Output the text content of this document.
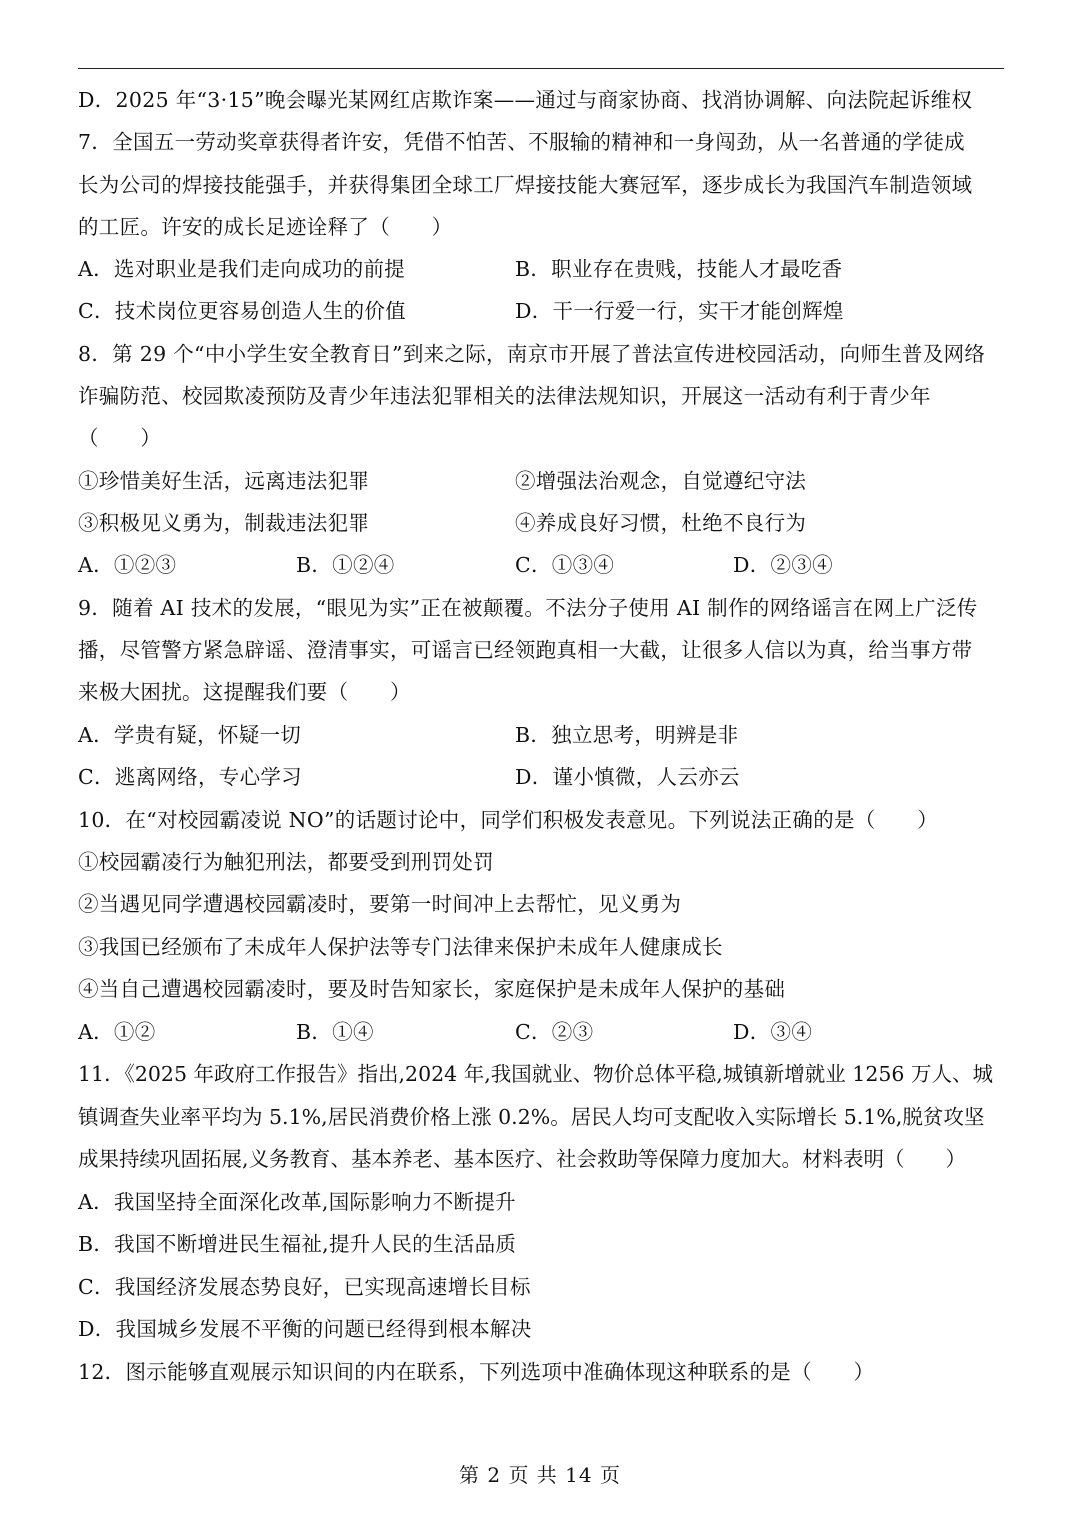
D．2025 年“3·15”晚会曝光某网红店欺诈案——通过与商家协商、找消协调解、向法院起诉维权
7．全国五一劳动奖章获得者许安，凭借不怕苦、不服输的精神和一身闯劲，从一名普通的学徒成
长为公司的焊接技能强手，并获得集团全球工厂焊接技能大赛冠军，逐步成长为我国汽车制造领域
的工匠。许安的成长足迹诠释了（　　）
A．选对职业是我们走向成功的前提	B．职业存在贵贱，技能人才最吃香
C．技术岗位更容易创造人生的价值	D．干一行爱一行，实干才能创辉煌
8．第 29 个“中小学生安全教育日”到来之际，南京市开展了普法宣传进校园活动，向师生普及网络
诈骗防范、校园欺凌预防及青少年违法犯罪相关的法律法规知识，开展这一活动有利于青少年
（　　）
①珍惜美好生活，远离违法犯罪	②增强法治观念，自觉遵纪守法
③积极见义勇为，制裁违法犯罪	④养成良好习惯，杜绝不良行为
A．①②③	B．①②④	C．①③④	D．②③④
9．随着 AI 技术的发展，“眼见为实”正在被颠覆。不法分子使用 AI 制作的网络谣言在网上广泛传
播，尽管警方紧急辟谣、澄清事实，可谣言已经领跑真相一大截，让很多人信以为真，给当事方带
来极大困扰。这提醒我们要（　　）
A．学贵有疑，怀疑一切	B．独立思考，明辨是非
C．逃离网络，专心学习	D．谨小慎微，人云亦云
10．在“对校园霸凌说 NO”的话题讨论中，同学们积极发表意见。下列说法正确的是（　　）
①校园霸凌行为触犯刑法，都要受到刑罚处罚
②当遇见同学遭遇校园霸凌时，要第一时间冲上去帮忙，见义勇为
③我国已经颁布了未成年人保护法等专门法律来保护未成年人健康成长
④当自己遭遇校园霸凌时，要及时告知家长，家庭保护是未成年人保护的基础
A．①②	B．①④	C．②③	D．③④
11．《2025 年政府工作报告》指出,2024 年,我国就业、物价总体平稳,城镇新增就业 1256 万人、城
镇调查失业率平均为 5.1%,居民消费价格上涨 0.2%。居民人均可支配收入实际增长 5.1%,脱贫攻坚
成果持续巩固拓展,义务教育、基本养老、基本医疗、社会救助等保障力度加大。材料表明（　　）
A．我国坚持全面深化改革,国际影响力不断提升
B．我国不断增进民生福祉,提升人民的生活品质
C．我国经济发展态势良好，已实现高速增长目标
D．我国城乡发展不平衡的问题已经得到根本解决
12．图示能够直观展示知识间的内在联系，下列选项中准确体现这种联系的是（　　）
第 2 页 共 14 页
